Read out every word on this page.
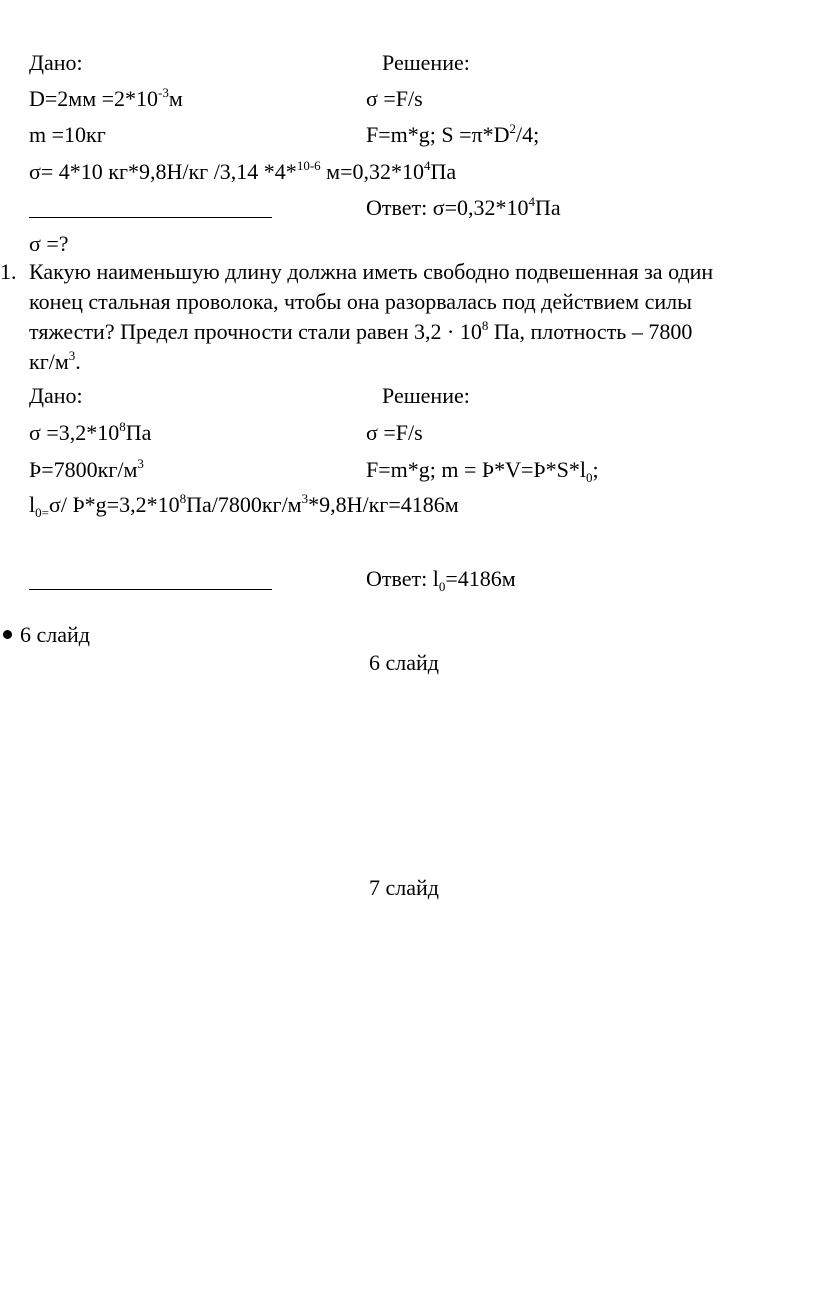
Дано:	Решение:
$D=2мм =2*10^{-3}м$	σ =F/s
m =10кг	F=m*g; $S =\pi*D^2/4$;
σ= 4*10 кг*9,8Н/кг /3,14 *4*$^{10-6}$ $м=0,32*10^4Па$
Ответ: $\sigma=0,32*10^4Па$
σ =?
1. Какую наименьшую длину должна иметь свободно подвешенная за один
конец стальная проволока, чтобы она разорвалась под действием силы
тяжести? Предел прочности стали равен $3,2 \cdot 10^8$ Па, плотность – 7800
$кг/м^3$.
Дано:	Решение:
$\sigma =3,2*10^8Па$	σ =F/s
$Þ=7800кг/м^3$	F=m*g; $m = Þ*V=Þ*S*l_0$;
$l_{0=}\sigma/$ $Þ*g=3,2*10^8Па/7800кг/м^3*9,8Н/кг=4186м$
Ответ: $l_0=4186м$
6 слайд
6 слайд
7 слайд
